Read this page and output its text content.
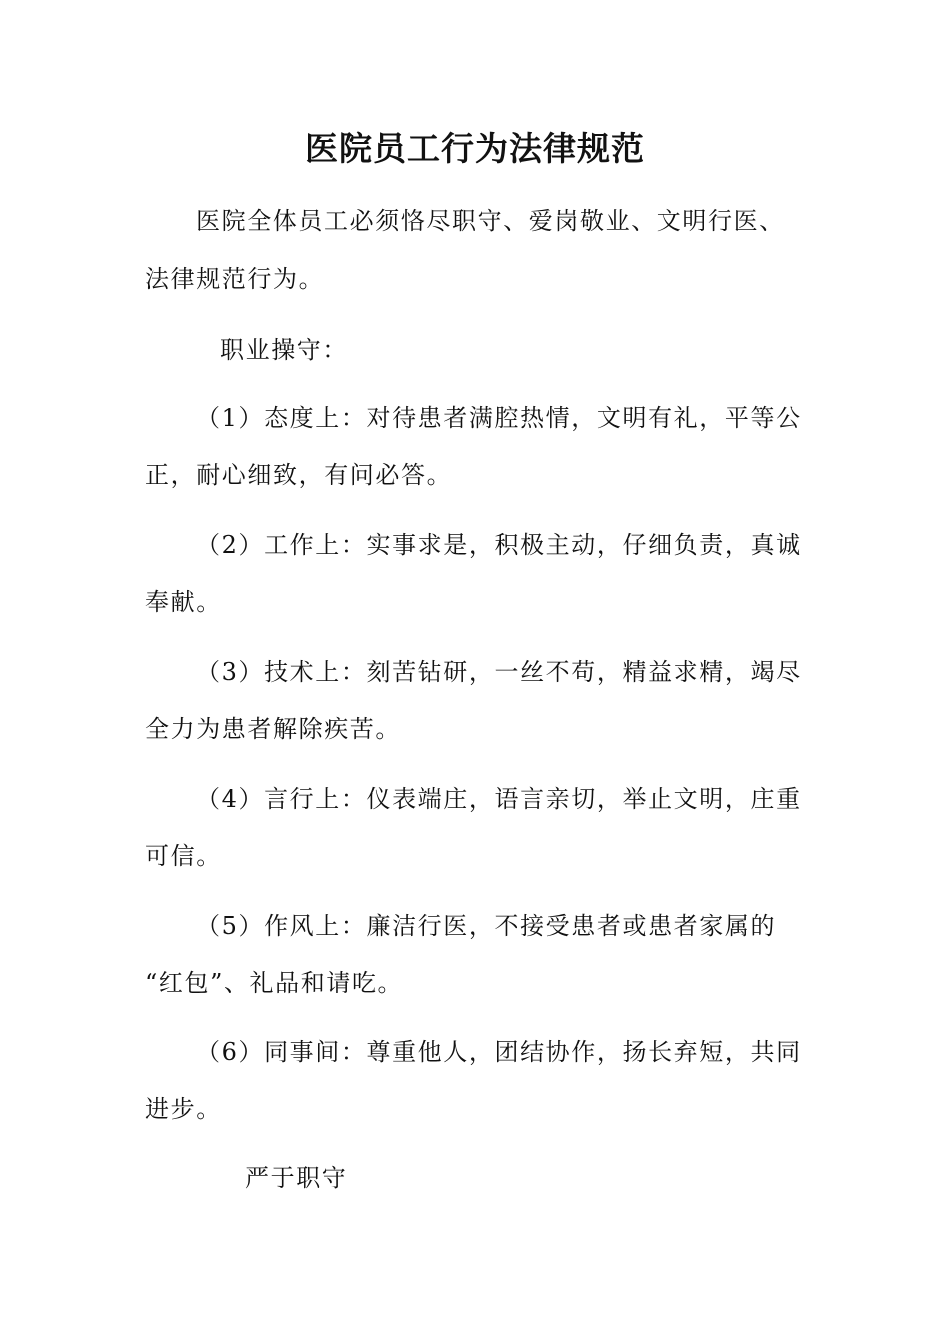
医院员工行为法律规范
医院全体员工必须恪尽职守、爱岗敬业、文明行医、
法律规范行为。
职业操守：
（1）态度上：对待患者满腔热情，文明有礼，平等公
正，耐心细致，有问必答。
（2）工作上：实事求是，积极主动，仔细负责，真诚
奉献。
（3）技术上：刻苦钻研，一丝不苟，精益求精，竭尽
全力为患者解除疾苦。
（4）言行上：仪表端庄，语言亲切，举止文明，庄重
可信。
（5）作风上：廉洁行医，不接受患者或患者家属的
“红包”、礼品和请吃。
（6）同事间：尊重他人，团结协作，扬长弃短，共同
进步。
严于职守
